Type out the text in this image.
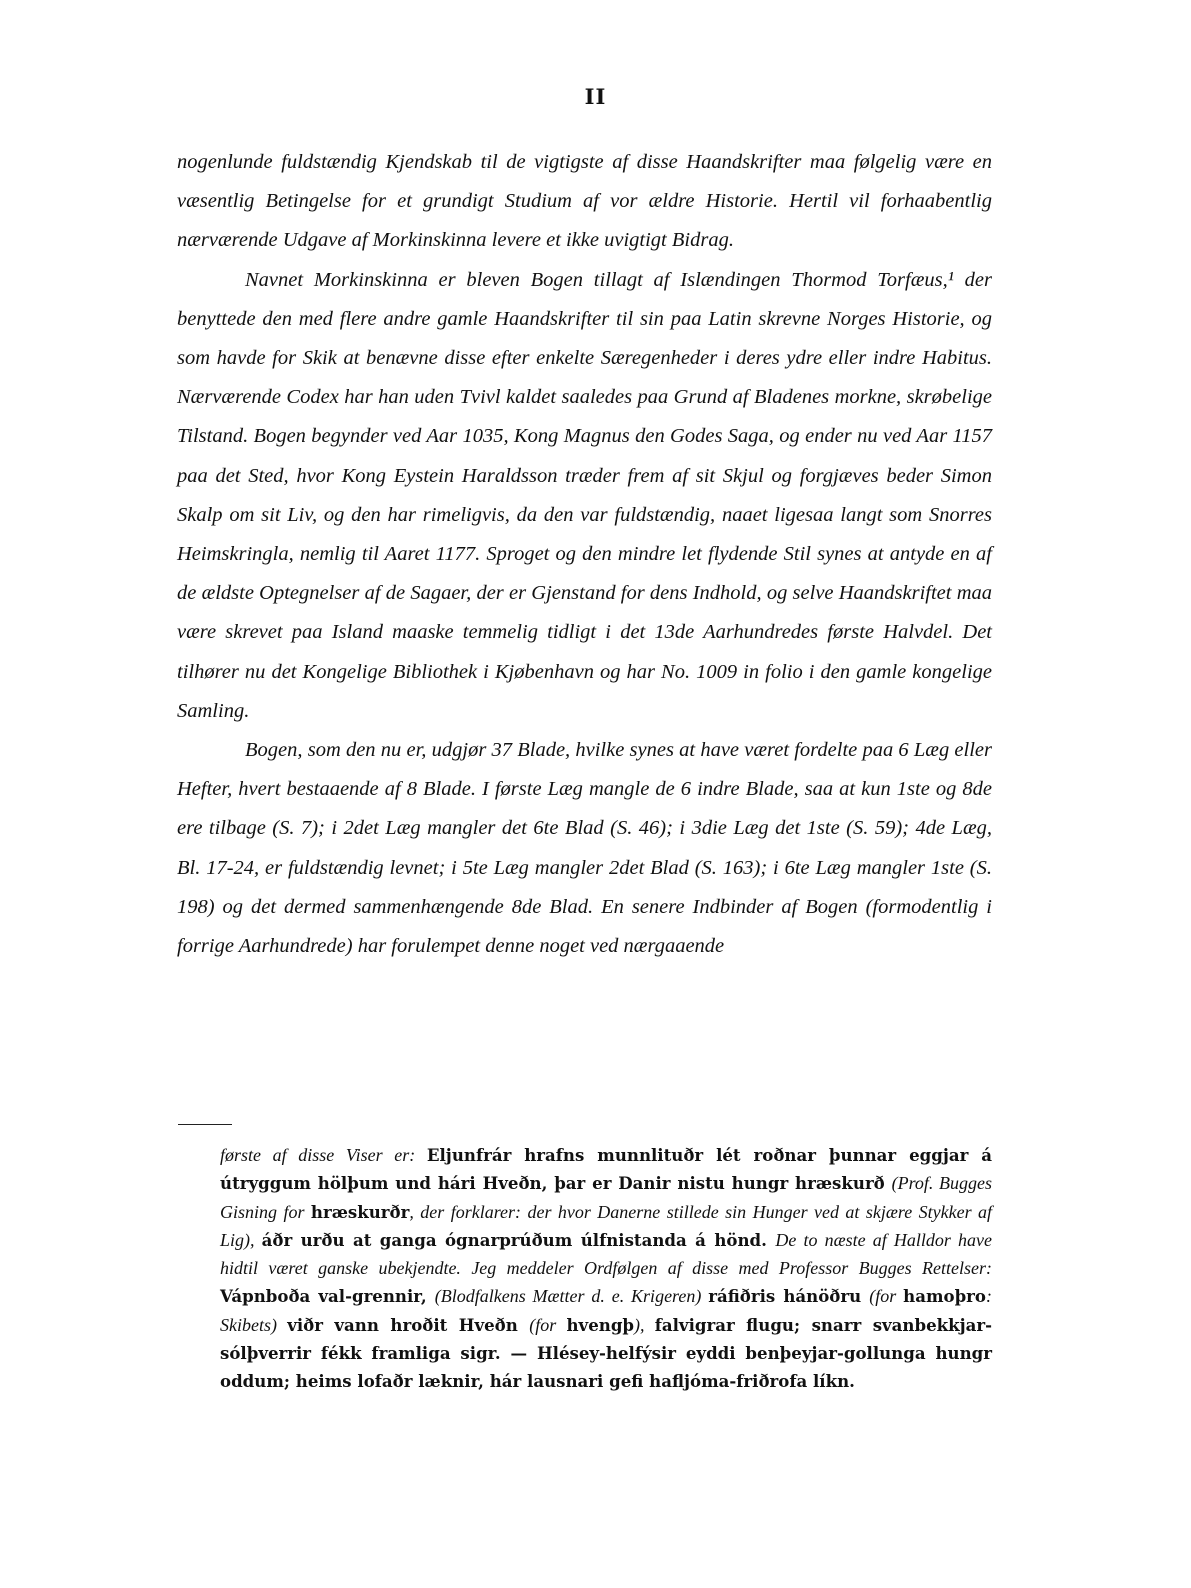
II

nogenlunde fuldstændig Kjendskab til de vigtigste af disse Haandskrifter maa følgelig være en væsentlig Betingelse for et grundigt Studium af vor ældre Historie. Hertil vil forhaabentlig nærværende Udgave af Morkinskinna levere et ikke uvigtigt Bidrag.

Navnet Morkinskinna er bleven Bogen tillagt af Islændingen Thormod Torfæus,¹ der benyttede den med flere andre gamle Haandskrifter til sin paa Latin skrevne Norges Historie, og som havde for Skik at benævne disse efter enkelte Særegenheder i deres ydre eller indre Habitus. Nærværende Codex har han uden Tvivl kaldet saaledes paa Grund af Bladenes morkne, skrøbelige Tilstand. Bogen begynder ved Aar 1035, Kong Magnus den Godes Saga, og ender nu ved Aar 1157 paa det Sted, hvor Kong Eystein Haraldsson træder frem af sit Skjul og forgjæves beder Simon Skalp om sit Liv, og den har rimeligvis, da den var fuldstændig, naaet ligesaa langt som Snorres Heimskringla, nemlig til Aaret 1177. Sproget og den mindre let flydende Stil synes at antyde en af de ældste Optegnelser af de Sagaer, der er Gjenstand for dens Indhold, og selve Haandskriftet maa være skrevet paa Island maaske temmelig tidligt i det 13de Aarhundredes første Halvdel. Det tilhører nu det Kongelige Bibliothek i Kjøbenhavn og har No. 1009 in folio i den gamle kongelige Samling.

Bogen, som den nu er, udgjør 37 Blade, hvilke synes at have været fordelte paa 6 Læg eller Hefter, hvert bestaaende af 8 Blade. I første Læg mangle de 6 indre Blade, saa at kun 1ste og 8de ere tilbage (S. 7); i 2det Læg mangler det 6te Blad (S. 46); i 3die Læg det 1ste (S. 59); 4de Læg, Bl. 17-24, er fuldstændig levnet; i 5te Læg mangler 2det Blad (S. 163); i 6te Læg mangler 1ste (S. 198) og det dermed sammenhængende 8de Blad. En senere Indbinder af Bogen (formodentlig i forrige Aarhundrede) har forulempet denne noget ved nærgaaende

første af disse Viser er: Eljunfrár hrafns munnlituðr lét roðnar þunnar eggjar á útryggum hölþum und hári Hveðn, þar er Danir nistu hungr hræskurð (Prof. Bugges Gisning for hræskurðr, der forklarer: der hvor Danerne stillede sin Hunger ved at skjære Stykker af Lig), áðr urðu at ganga ógnarprúðum úlfnistanda á hönd. De to næste af Halldor have hidtil været ganske ubekjendte. Jeg meddeler Ordfølgen af disse med Professor Bugges Rettelser: Vápnboða val-grennir, (Blodfalkens Mætter d. e. Krigeren) ráfiðris hánöðru (for hamoþro: Skibets) viðr vann hroðit Hveðn (for hvengþ), falvigrar flugu; snarr svanbekkjar-sólþverrir fékk framliga sigr. — Hlésey-helfýsir eyddi benþeyjar-gollunga hungr oddum; heims lofaðr læknir, hár lausnari gefi hafljóma-friðrofa líkn.
